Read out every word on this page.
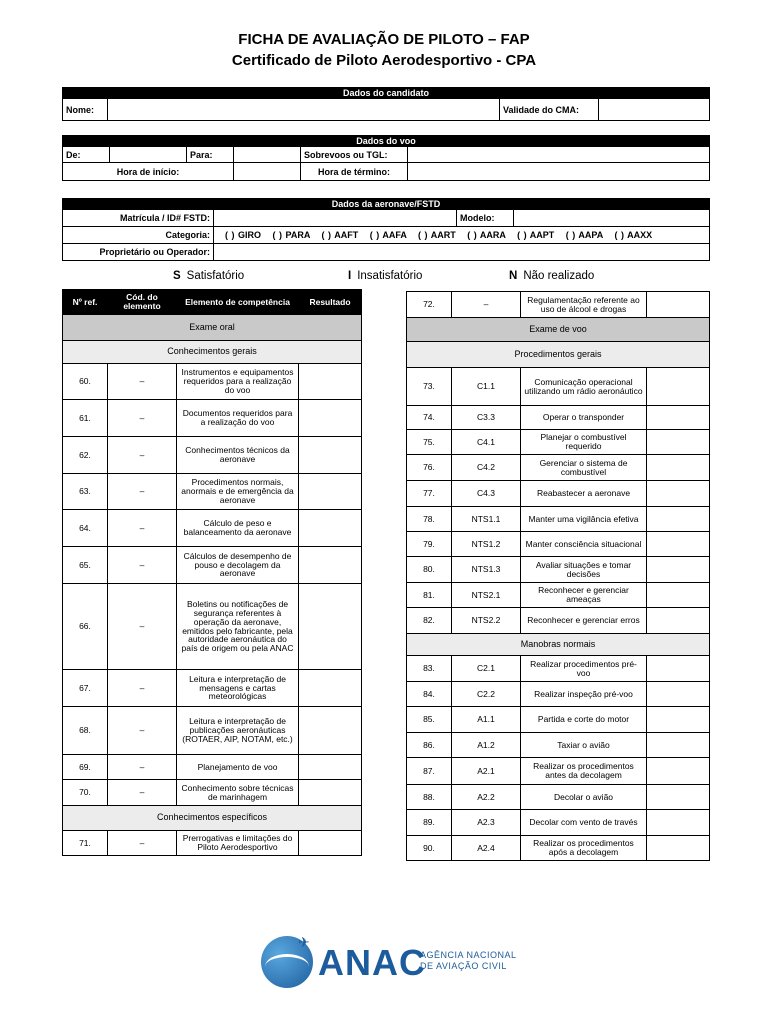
FICHA DE AVALIAÇÃO DE PILOTO – FAP
Certificado de Piloto Aerodesportivo - CPA
Dados do candidato
Nome:		Validade do CMA:	
Dados do voo					
De:		Para:		Sobrevoos ou TGL:	
Hora de início:				Hora de término:	
Dados da aeronave/FSTD			
Matrícula / ID# FSTD:		Modelo:	
Categoria:	( ) GIRO ( ) PARA ( ) AAFT ( ) AAFA ( ) AART ( ) AARA ( ) AAPT ( ) AAPA ( ) AAXX		
Proprietário ou Operador:			
S Satisfatório	I Insatisfatório	N Não realizado
Nº ref.	Cód. do elemento	Elemento de competência	Resultado
Exame oral			
Conhecimentos gerais			
60.	–	Instrumentos e equipamentos requeridos para a realização do voo	
61.	–	Documentos requeridos para a realização do voo	
62.	–	Conhecimentos técnicos da aeronave	
63.	–	Procedimentos normais, anormais e de emergência da aeronave	
64.	–	Cálculo de peso e balanceamento da aeronave	
65.	–	Cálculos de desempenho de pouso e decolagem da aeronave	
66.	–	Boletins ou notificações de segurança referentes à operação da aeronave, emitidos pelo fabricante, pela autoridade aeronáutica do país de origem ou pela ANAC	
67.	–	Leitura e interpretação de mensagens e cartas meteorológicas	
68.	–	Leitura e interpretação de publicações aeronáuticas (ROTAER, AIP, NOTAM, etc.)	
69.	–	Planejamento de voo	
70.	–	Conhecimento sobre técnicas de marinhagem	
Conhecimentos específicos			
71.	–	Prerrogativas e limitações do Piloto Aerodesportivo	
72.	–	Regulamentação referente ao uso de álcool e drogas	
Exame de voo			
Procedimentos gerais			
73.	C1.1	Comunicação operacional utilizando um rádio aeronáutico	
74.	C3.3	Operar o transponder	
75.	C4.1	Planejar o combustível requerido	
76.	C4.2	Gerenciar o sistema de combustível	
77.	C4.3	Reabastecer a aeronave	
78.	NTS1.1	Manter uma vigilância efetiva	
79.	NTS1.2	Manter consciência situacional	
80.	NTS1.3	Avaliar situações e tomar decisões	
81.	NTS2.1	Reconhecer e gerenciar ameaças	
82.	NTS2.2	Reconhecer e gerenciar erros	
Manobras normais			
83.	C2.1	Realizar procedimentos pré-voo	
84.	C2.2	Realizar inspeção pré-voo	
85.	A1.1	Partida e corte do motor	
86.	A1.2	Taxiar o avião	
87.	A2.1	Realizar os procedimentos antes da decolagem	
88.	A2.2	Decolar o avião	
89.	A2.3	Decolar com vento de través	
90.	A2.4	Realizar os procedimentos após a decolagem	
✈ ANAC
AGÊNCIA NACIONAL
DE AVIAÇÃO CIVIL
